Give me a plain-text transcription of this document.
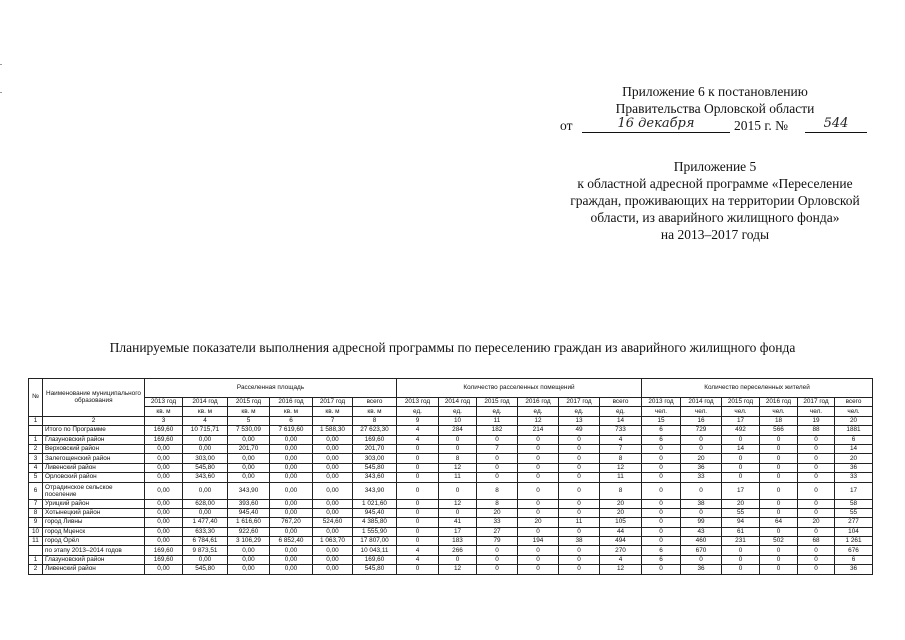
Приложение 6 к постановлению
Правительства Орловской области
от	16 декабря	2015 г. №	544
Приложение 5
к областной адресной программе «Переселение
граждан, проживающих на территории Орловской
области, из аварийного жилищного фонда»
на 2013–2017 годы
Планируемые показатели выполнения адресной программы по переселению граждан из аварийного жилищного фонда
№	Наименование муниципального образования	Расселенная площадь						Количество расселенных помещений						Количество переселенных жителей					
		2013 год	2014 год	2015 год	2016 год	2017 год	всего	2013 год	2014 год	2015 год	2016 год	2017 год	всего	2013 год	2014 год	2015 год	2016 год	2017 год	всего
		кв. м	кв. м	кв. м	кв. м	кв. м	кв. м	ед.	ед.	ед.	ед.	ед.	ед.	чел.	чел.	чел.	чел.	чел.	чел.
1	2	3	4	5	6	7	8	9	10	11	12	13	14	15	16	17	18	19	20
	Итого по Программе	169,60	10 715,71	7 530,09	7 619,60	1 588,30	27 623,30	4	284	182	214	49	733	6	729	492	566	88	1881
1	Глазуновский район	169,60	0,00	0,00	0,00	0,00	169,60	4	0	0	0	0	4	6	0	0	0	0	6
2	Верховский район	0,00	0,00	201,70	0,00	0,00	201,70	0	0	7	0	0	7	0	0	14	0	0	14
3	Залегощенский район	0,00	303,00	0,00	0,00	0,00	303,00	0	8	0	0	0	8	0	20	0	0	0	20
4	Ливенский район	0,00	545,80	0,00	0,00	0,00	545,80	0	12	0	0	0	12	0	36	0	0	0	36
5	Орловский район	0,00	343,60	0,00	0,00	0,00	343,60	0	11	0	0	0	11	0	33	0	0	0	33
6	Отрадинское сельское поселение	0,00	0,00	343,90	0,00	0,00	343,90	0	0	8	0	0	8	0	0	17	0	0	17
7	Урицкий район	0,00	628,00	393,60	0,00	0,00	1 021,60	0	12	8	0	0	20	0	38	20	0	0	58
8	Хотынецкий район	0,00	0,00	945,40	0,00	0,00	945,40	0	0	20	0	0	20	0	0	55	0	0	55
9	город Ливны	0,00	1 477,40	1 616,60	767,20	524,60	4 385,80	0	41	33	20	11	105	0	99	94	64	20	277
10	город Мценск	0,00	633,30	922,60	0,00	0,00	1 555,90	0	17	27	0	0	44	0	43	61	0	0	104
11	город Орёл	0,00	6 784,61	3 106,29	6 852,40	1 063,70	17 807,00	0	183	79	194	38	494	0	460	231	502	68	1 261
	по этапу 2013–2014 годов	169,60	9 873,51	0,00	0,00	0,00	10 043,11	4	266	0	0	0	270	6	670	0	0	0	676
1	Глазуновский район	169,60	0,00	0,00	0,00	0,00	169,60	4	0	0	0	0	4	6	0	0	0	0	6
2	Ливенский район	0,00	545,80	0,00	0,00	0,00	545,80	0	12	0	0	0	12	0	36	0	0	0	36
